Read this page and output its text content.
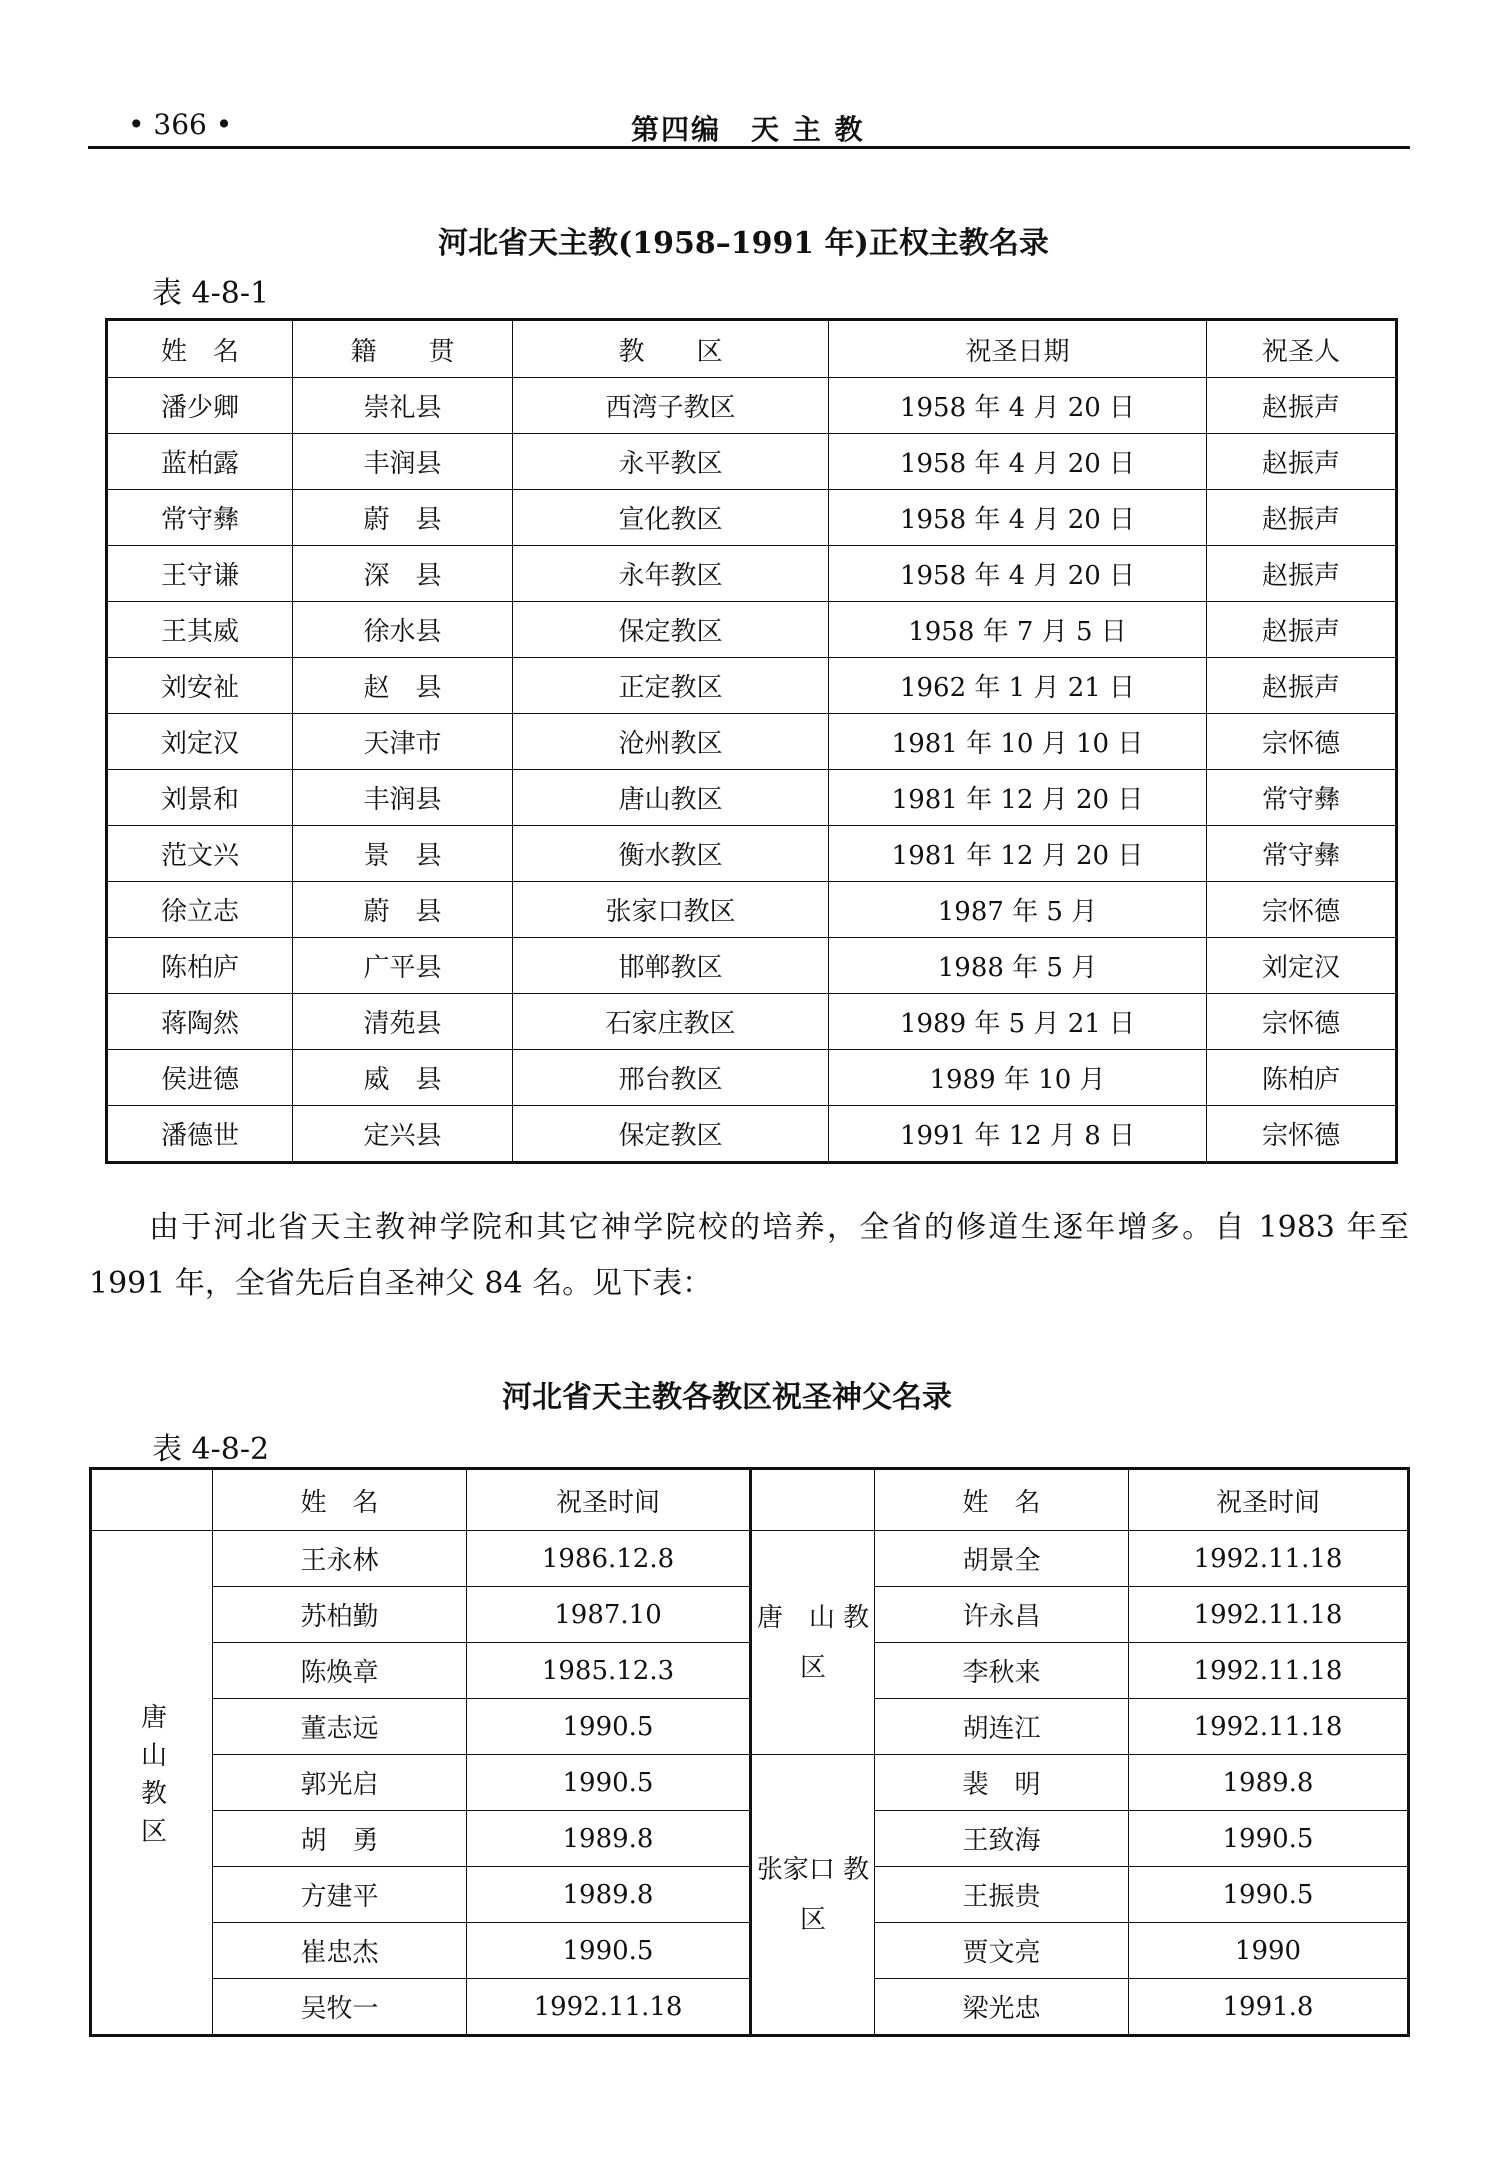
• 366 •	第四编　天 主 教
河北省天主教(1958–1991 年)正权主教名录
表 4-8-1
姓　名	籍　　贯	教　　区	祝圣日期	祝圣人
潘少卿	崇礼县	西湾子教区	1958 年 4 月 20 日	赵振声
蓝柏露	丰润县	永平教区	1958 年 4 月 20 日	赵振声
常守彝	蔚　县	宣化教区	1958 年 4 月 20 日	赵振声
王守谦	深　县	永年教区	1958 年 4 月 20 日	赵振声
王其威	徐水县	保定教区	1958 年 7 月 5 日	赵振声
刘安祉	赵　县	正定教区	1962 年 1 月 21 日	赵振声
刘定汉	天津市	沧州教区	1981 年 10 月 10 日	宗怀德
刘景和	丰润县	唐山教区	1981 年 12 月 20 日	常守彝
范文兴	景　县	衡水教区	1981 年 12 月 20 日	常守彝
徐立志	蔚　县	张家口教区	1987 年 5 月	宗怀德
陈柏庐	广平县	邯郸教区	1988 年 5 月	刘定汉
蒋陶然	清苑县	石家庄教区	1989 年 5 月 21 日	宗怀德
侯进德	威　县	邢台教区	1989 年 10 月	陈柏庐
潘德世	定兴县	保定教区	1991 年 12 月 8 日	宗怀德
由于河北省天主教神学院和其它神学院校的培养，全省的修道生逐年增多。自 1983 年至 1991 年，全省先后自圣神父 84 名。见下表：
河北省天主教各教区祝圣神父名录
表 4-8-2
	姓　名	祝圣时间		姓　名	祝圣时间
唐山教区	王永林	1986.12.8	唐　山 教　区	胡景全	1992.11.18
	苏柏勤	1987.10		许永昌	1992.11.18
	陈焕章	1985.12.3		李秋来	1992.11.18
	董志远	1990.5		胡连江	1992.11.18
	郭光启	1990.5	张家口 教　区	裴　明	1989.8
	胡　勇	1989.8		王致海	1990.5
	方建平	1989.8		王振贵	1990.5
	崔忠杰	1990.5		贾文亮	1990
	吴牧一	1992.11.18		梁光忠	1991.8
